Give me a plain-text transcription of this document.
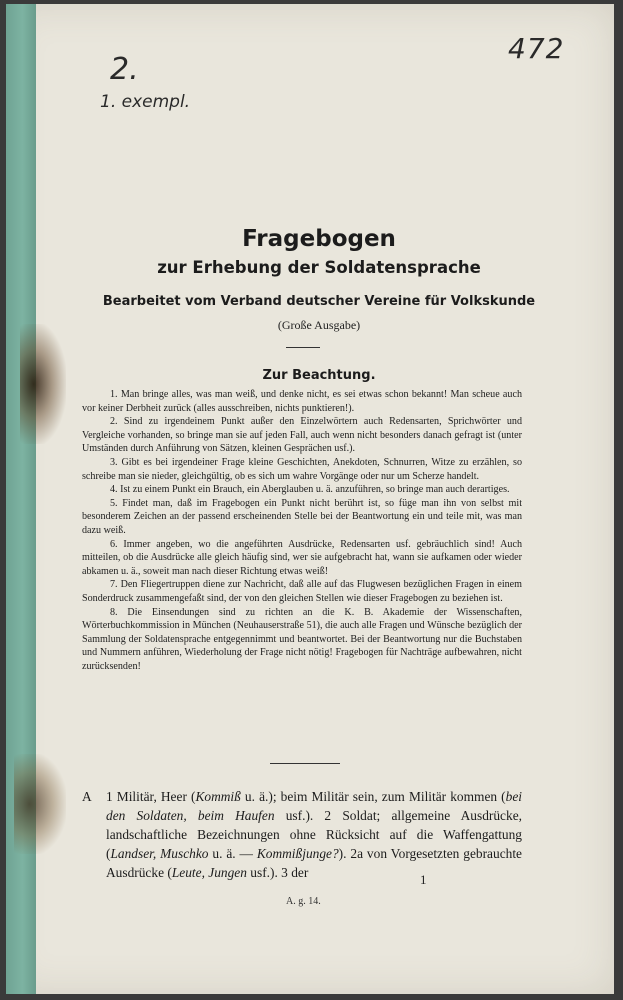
2.
1. exempl.
472
Fragebogen
zur Erhebung der Soldatensprache
Bearbeitet vom Verband deutscher Vereine für Volkskunde
(Große Ausgabe)
Zur Beachtung.

1. Man bringe alles, was man weiß, und denke nicht, es sei etwas schon bekannt! Man scheue auch vor keiner Derbheit zurück (alles ausschreiben, nichts punktieren!).

2. Sind zu irgendeinem Punkt außer den Einzelwörtern auch Redensarten, Sprichwörter und Vergleiche vorhanden, so bringe man sie auf jeden Fall, auch wenn nicht besonders danach gefragt ist (unter Umständen durch Anführung von Sätzen, kleinen Gesprächen usf.).

3. Gibt es bei irgendeiner Frage kleine Geschichten, Anekdoten, Schnurren, Witze zu erzählen, so schreibe man sie nieder, gleichgültig, ob es sich um wahre Vorgänge oder nur um Scherze handelt.

4. Ist zu einem Punkt ein Brauch, ein Aberglauben u. ä. anzuführen, so bringe man auch derartiges.

5. Findet man, daß im Fragebogen ein Punkt nicht berührt ist, so füge man ihn von selbst mit besonderem Zeichen an der passend erscheinenden Stelle bei der Beantwortung ein und teile mit, was man dazu weiß.

6. Immer angeben, wo die angeführten Ausdrücke, Redensarten usf. gebräuchlich sind! Auch mitteilen, ob die Ausdrücke alle gleich häufig sind, wer sie aufgebracht hat, wann sie aufkamen oder wieder abkamen u. ä., soweit man nach dieser Richtung etwas weiß!

7. Den Fliegertruppen diene zur Nachricht, daß alle auf das Flugwesen bezüglichen Fragen in einem Sonderdruck zusammengefaßt sind, der von den gleichen Stellen wie dieser Fragebogen zu beziehen ist.

8. Die Einsendungen sind zu richten an die K. B. Akademie der Wissenschaften, Wörterbuchkommission in München (Neuhauserstraße 51), die auch alle Fragen und Wünsche bezüglich der Sammlung der Soldatensprache entgegennimmt und beantwortet. Bei der Beantwortung nur die Buchstaben und Nummern anführen, Wiederholung der Frage nicht nötig! Fragebogen für Nachträge aufbewahren, nicht zurücksenden!

A 1 Militär, Heer (Kommiß u. ä.); beim Militär sein, zum Militär kommen (bei den Soldaten, beim Haufen usf.). 2 Soldat; allgemeine Ausdrücke, landschaftliche Bezeichnungen ohne Rücksicht auf die Waffengattung (Landser, Muschko u. ä. — Kommißjunge?). 2a von Vorgesetzten gebrauchte Ausdrücke (Leute, Jungen usf.). 3 der	1
A. g. 14.
